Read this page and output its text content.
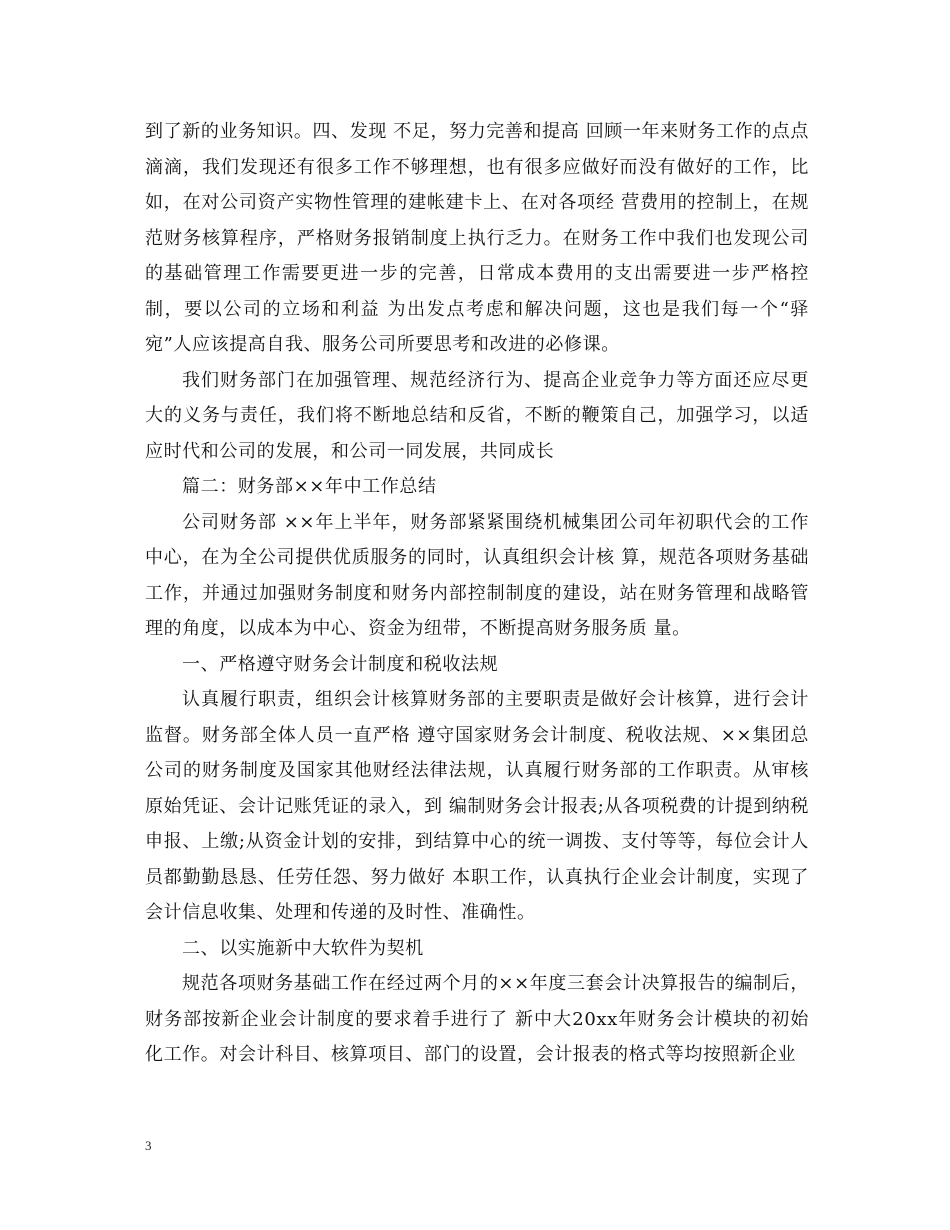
到了新的业务知识。四、发现 不足，努力完善和提高 回顾一年来财务工作的点点滴滴，我们发现还有很多工作不够理想，也有很多应做好而没有做好的工作，比如，在对公司资产实物性管理的建帐建卡上、在对各项经 营费用的控制上，在规范财务核算程序，严格财务报销制度上执行乏力。在财务工作中我们也发现公司的基础管理工作需要更进一步的完善，日常成本费用的支出需要进一步严格控制，要以公司的立场和利益 为出发点考虑和解决问题，这也是我们每一个“驿宛”人应该提高自我、服务公司所要思考和改进的必修课。

我们财务部门在加强管理、规范经济行为、提高企业竞争力等方面还应尽更大的义务与责任，我们将不断地总结和反省，不断的鞭策自己，加强学习，以适应时代和公司的发展，和公司一同发展，共同成长

篇二：财务部××年中工作总结

公司财务部 ××年上半年，财务部紧紧围绕机械集团公司年初职代会的工作中心，在为全公司提供优质服务的同时，认真组织会计核 算，规范各项财务基础工作，并通过加强财务制度和财务内部控制制度的建设，站在财务管理和战略管理的角度，以成本为中心、资金为纽带，不断提高财务服务质 量。

一、严格遵守财务会计制度和税收法规

认真履行职责，组织会计核算财务部的主要职责是做好会计核算，进行会计监督。财务部全体人员一直严格 遵守国家财务会计制度、税收法规、××集团总公司的财务制度及国家其他财经法律法规，认真履行财务部的工作职责。从审核原始凭证、会计记账凭证的录入，到 编制财务会计报表;从各项税费的计提到纳税申报、上缴;从资金计划的安排，到结算中心的统一调拨、支付等等，每位会计人员都勤勤恳恳、任劳任怨、努力做好 本职工作，认真执行企业会计制度，实现了会计信息收集、处理和传递的及时性、准确性。

二、以实施新中大软件为契机

规范各项财务基础工作在经过两个月的××年度三套会计决算报告的编制后，财务部按新企业会计制度的要求着手进行了 新中大20xx年财务会计模块的初始化工作。对会计科目、核算项目、部门的设置，会计报表的格式等均按照新企业

3
